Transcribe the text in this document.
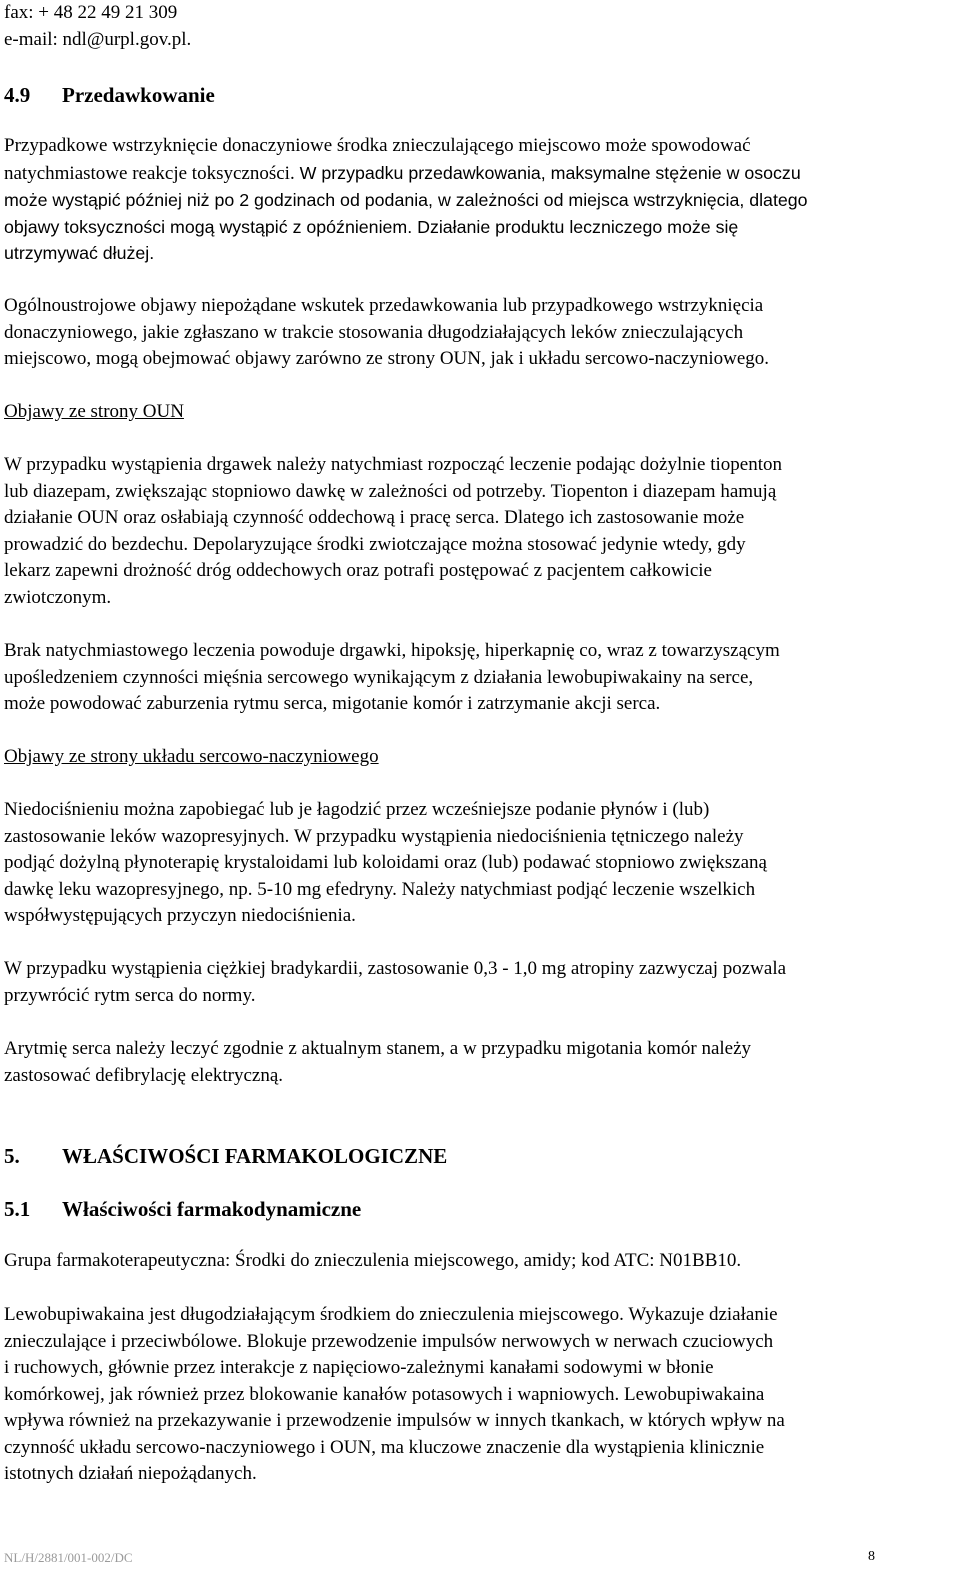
fax: + 48 22 49 21 309
e-mail: ndl@urpl.gov.pl.
4.9 Przedawkowanie
Przypadkowe wstrzyknięcie donaczyniowe środka znieczulającego miejscowo może spowodować
natychmiastowe reakcje toksyczności. W przypadku przedawkowania, maksymalne stężenie w osoczu
może wystąpić później niż po 2 godzinach od podania, w zależności od miejsca wstrzyknięcia, dlatego
objawy toksyczności mogą wystąpić z opóźnieniem. Działanie produktu leczniczego może się
utrzymywać dłużej.
Ogólnoustrojowe objawy niepożądane wskutek przedawkowania lub przypadkowego wstrzyknięcia
donaczyniowego, jakie zgłaszano w trakcie stosowania długodziałających leków znieczulających
miejscowo, mogą obejmować objawy zarówno ze strony OUN, jak i układu sercowo-naczyniowego.
Objawy ze strony OUN
W przypadku wystąpienia drgawek należy natychmiast rozpocząć leczenie podając dożylnie tiopenton
lub diazepam, zwiększając stopniowo dawkę w zależności od potrzeby. Tiopenton i diazepam hamują
działanie OUN oraz osłabiają czynność oddechową i pracę serca. Dlatego ich zastosowanie może
prowadzić do bezdechu. Depolaryzujące środki zwiotczające można stosować jedynie wtedy, gdy
lekarz zapewni drożność dróg oddechowych oraz potrafi postępować z pacjentem całkowicie
zwiotczonym.
Brak natychmiastowego leczenia powoduje drgawki, hipoksję, hiperkapnię co, wraz z towarzyszącym
upośledzeniem czynności mięśnia sercowego wynikającym z działania lewobupiwakainy na serce,
może powodować zaburzenia rytmu serca, migotanie komór i zatrzymanie akcji serca.
Objawy ze strony układu sercowo-naczyniowego
Niedociśnieniu można zapobiegać lub je łagodzić przez wcześniejsze podanie płynów i (lub)
zastosowanie leków wazopresyjnych. W przypadku wystąpienia niedociśnienia tętniczego należy
podjąć dożylną płynoterapię krystaloidami lub koloidami oraz (lub) podawać stopniowo zwiększaną
dawkę leku wazopresyjnego, np. 5-10 mg efedryny. Należy natychmiast podjąć leczenie wszelkich
współwystępujących przyczyn niedociśnienia.
W przypadku wystąpienia ciężkiej bradykardii, zastosowanie 0,3 - 1,0 mg atropiny zazwyczaj pozwala
przywrócić rytm serca do normy.
Arytmię serca należy leczyć zgodnie z aktualnym stanem, a w przypadku migotania komór należy
zastosować defibrylację elektryczną.
5. WŁAŚCIWOŚCI FARMAKOLOGICZNE
5.1 Właściwości farmakodynamiczne
Grupa farmakoterapeutyczna: Środki do znieczulenia miejscowego, amidy; kod ATC: N01BB10.
Lewobupiwakaina jest długodziałającym środkiem do znieczulenia miejscowego. Wykazuje działanie
znieczulające i przeciwbólowe. Blokuje przewodzenie impulsów nerwowych w nerwach czuciowych
i ruchowych, głównie przez interakcje z napięciowo-zależnymi kanałami sodowymi w błonie
komórkowej, jak również przez blokowanie kanałów potasowych i wapniowych. Lewobupiwakaina
wpływa również na przekazywanie i przewodzenie impulsów w innych tkankach, w których wpływ na
czynność układu sercowo-naczyniowego i OUN, ma kluczowe znaczenie dla wystąpienia klinicznie
istotnych działań niepożądanych.
NL/H/2881/001-002/DC	8
